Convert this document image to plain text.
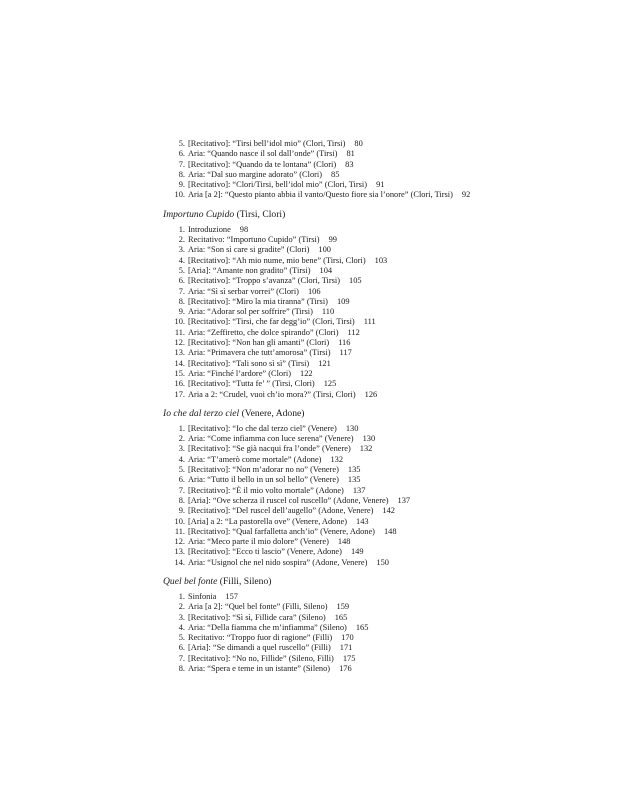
5. [Recitativo]: “Tirsi bell’idol mio” (Clori, Tirsi) 80
6. Aria: “Quando nasce il sol dall’onde” (Tirsi) 81
7. [Recitativo]: “Quando da te lontana” (Clori) 83
8. Aria: “Dal suo margine adorato” (Clori) 85
9. [Recitativo]: “Clori/Tirsi, bell’idol mio” (Clori, Tirsi) 91
10. Aria [a 2]: “Questo pianto abbia il vanto/Questo fiore sia l’onore” (Clori, Tirsi) 92
Importuno Cupido (Tirsi, Clori)
1. Introduzione 98
2. Recitativo: “Importuno Cupido” (Tirsi) 99
3. Aria: “Son sì care si gradite” (Clori) 100
4. [Recitativo]: “Ah mio nume, mio bene” (Tirsi, Clori) 103
5. [Aria]: “Amante non gradito” (Tirsi) 104
6. [Recitativo]: “Troppo s’avanza” (Clori, Tirsi) 105
7. Aria: “Sì sì serbar vorrei” (Clori) 106
8. [Recitativo]: “Miro la mia tiranna” (Tirsi) 109
9. Aria: “Adorar sol per soffrire” (Tirsi) 110
10. [Recitativo]: “Tirsi, che far degg’io” (Clori, Tirsi) 111
11. Aria: “Zeffiretto, che dolce spirando” (Clori) 112
12. [Recitativo]: “Non han gli amanti” (Clori) 116
13. Aria: “Primavera che tutt’amorosa” (Tirsi) 117
14. [Recitativo]: “Tali sono sì sì” (Tirsi) 121
15. Aria: “Finché l’ardore” (Clori) 122
16. [Recitativo]: “Tutta fe’ ” (Tirsi, Clori) 125
17. Aria a 2: “Crudel, vuoi ch’io mora?” (Tirsi, Clori) 126
Io che dal terzo ciel (Venere, Adone)
1. [Recitativo]: “Io che dal terzo ciel” (Venere) 130
2. Aria: “Come infiamma con luce serena” (Venere) 130
3. [Recitativo]: “Se già nacqui fra l’onde” (Venere) 132
4. Aria: “T’amerò come mortale” (Adone) 132
5. [Recitativo]: “Non m’adorar no no” (Venere) 135
6. Aria: “Tutto il bello in un sol bello” (Venere) 135
7. [Recitativo]: “È il mio volto mortale” (Adone) 137
8. [Aria]: “Ove scherza il ruscel col ruscello” (Adone, Venere) 137
9. [Recitativo]: “Del ruscel dell’augello” (Adone, Venere) 142
10. [Aria] a 2: “La pastorella ove” (Venere, Adone) 143
11. [Recitativo]: “Qual farfalletta anch’io” (Venere, Adone) 148
12. Aria: “Meco parte il mio dolore” (Venere) 148
13. [Recitativo]: “Ecco ti lascio” (Venere, Adone) 149
14. Aria: “Usignol che nel nido sospira” (Adone, Venere) 150
Quel bel fonte (Filli, Sileno)
1. Sinfonia 157
2. Aria [a 2]: “Quel bel fonte” (Filli, Sileno) 159
3. [Recitativo]: “Sì sì, Fillide cara” (Sileno) 165
4. Aria: “Della fiamma che m’infiamma” (Sileno) 165
5. Recitativo: “Troppo fuor di ragione” (Filli) 170
6. [Aria]: “Se dimandi a quel ruscello” (Filli) 171
7. [Recitativo]: “No no, Fillide” (Sileno, Filli) 175
8. Aria: “Spera e teme in un istante” (Sileno) 176
